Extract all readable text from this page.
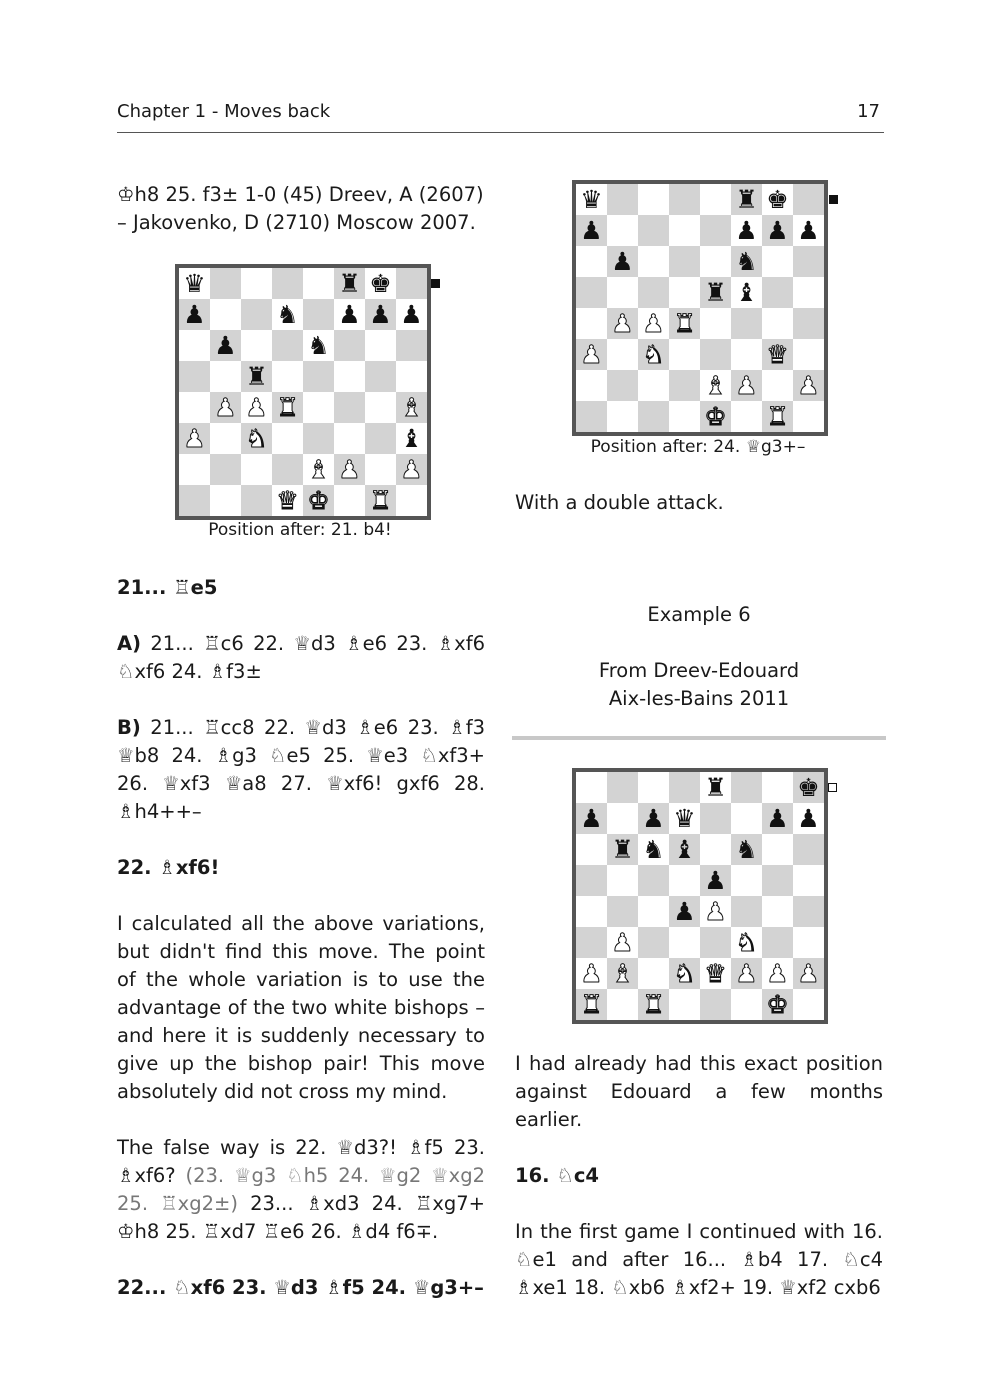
Chapter 1 - Moves back	17

♔h8 25. f3± 1-0 (45) Dreev, A (2607) – Jakovenko, D (2710) Moscow 2007.

♛	♜ ♚
♟	♞ ♟ ♟ ♟
♟	♞
♜
♟ ♟ ♜	♝
♟ ♞	♝
♝ ♟ ♟
♛ ♚ ♜
Position after: 21. b4!

21... ♖e5

A) 21... ♖c6 22. ♕d3 ♗e6 23. ♗xf6 ♘xf6 24. ♗f3±

B) 21... ♖cc8 22. ♕d3 ♗e6 23. ♗f3 ♕b8 24. ♗g3 ♘e5 25. ♕e3 ♘xf3+ 26. ♕xf3 ♕a8 27. ♕xf6! gxf6 28. ♗h4++–

22. ♗xf6!

I calculated all the above variations, but didn't find this move. The point of the whole variation is to use the advantage of the two white bishops – and here it is suddenly necessary to give up the bishop pair! This move absolutely did not cross my mind.

The false way is 22. ♕d3?! ♗f5 23. ♗xf6? (23. ♕g3 ♘h5 24. ♕g2 ♕xg2 25. ♖xg2±) 23... ♗xd3 24. ♖xg7+ ♔h8 25. ♖xd7 ♖e6 26. ♗d4 f6∓.

22... ♘xf6 23. ♕d3 ♗f5 24. ♕g3+–

♛	♜ ♚
♟	♟ ♟ ♟
♟	♞
♜ ♝
♟ ♟ ♜
♟ ♞	♛
♝ ♟ ♟
♚ ♜
Position after: 24. ♕g3+–

With a double attack.

Example 6

From Dreev-Edouard

Aix-les-Bains 2011

♜	♚
♟ ♟ ♛	♟ ♟
♜ ♞ ♝ ♞
♟
♟ ♟
♟	♞
♟ ♝ ♞ ♛ ♟ ♟ ♟
♜ ♜	♚

I had already had this exact position against Edouard a few months earlier.

16. ♘c4

In the first game I continued with 16. ♘e1 and after 16... ♗b4 17. ♘c4 ♗xe1 18. ♘xb6 ♗xf2+ 19. ♕xf2 cxb6
